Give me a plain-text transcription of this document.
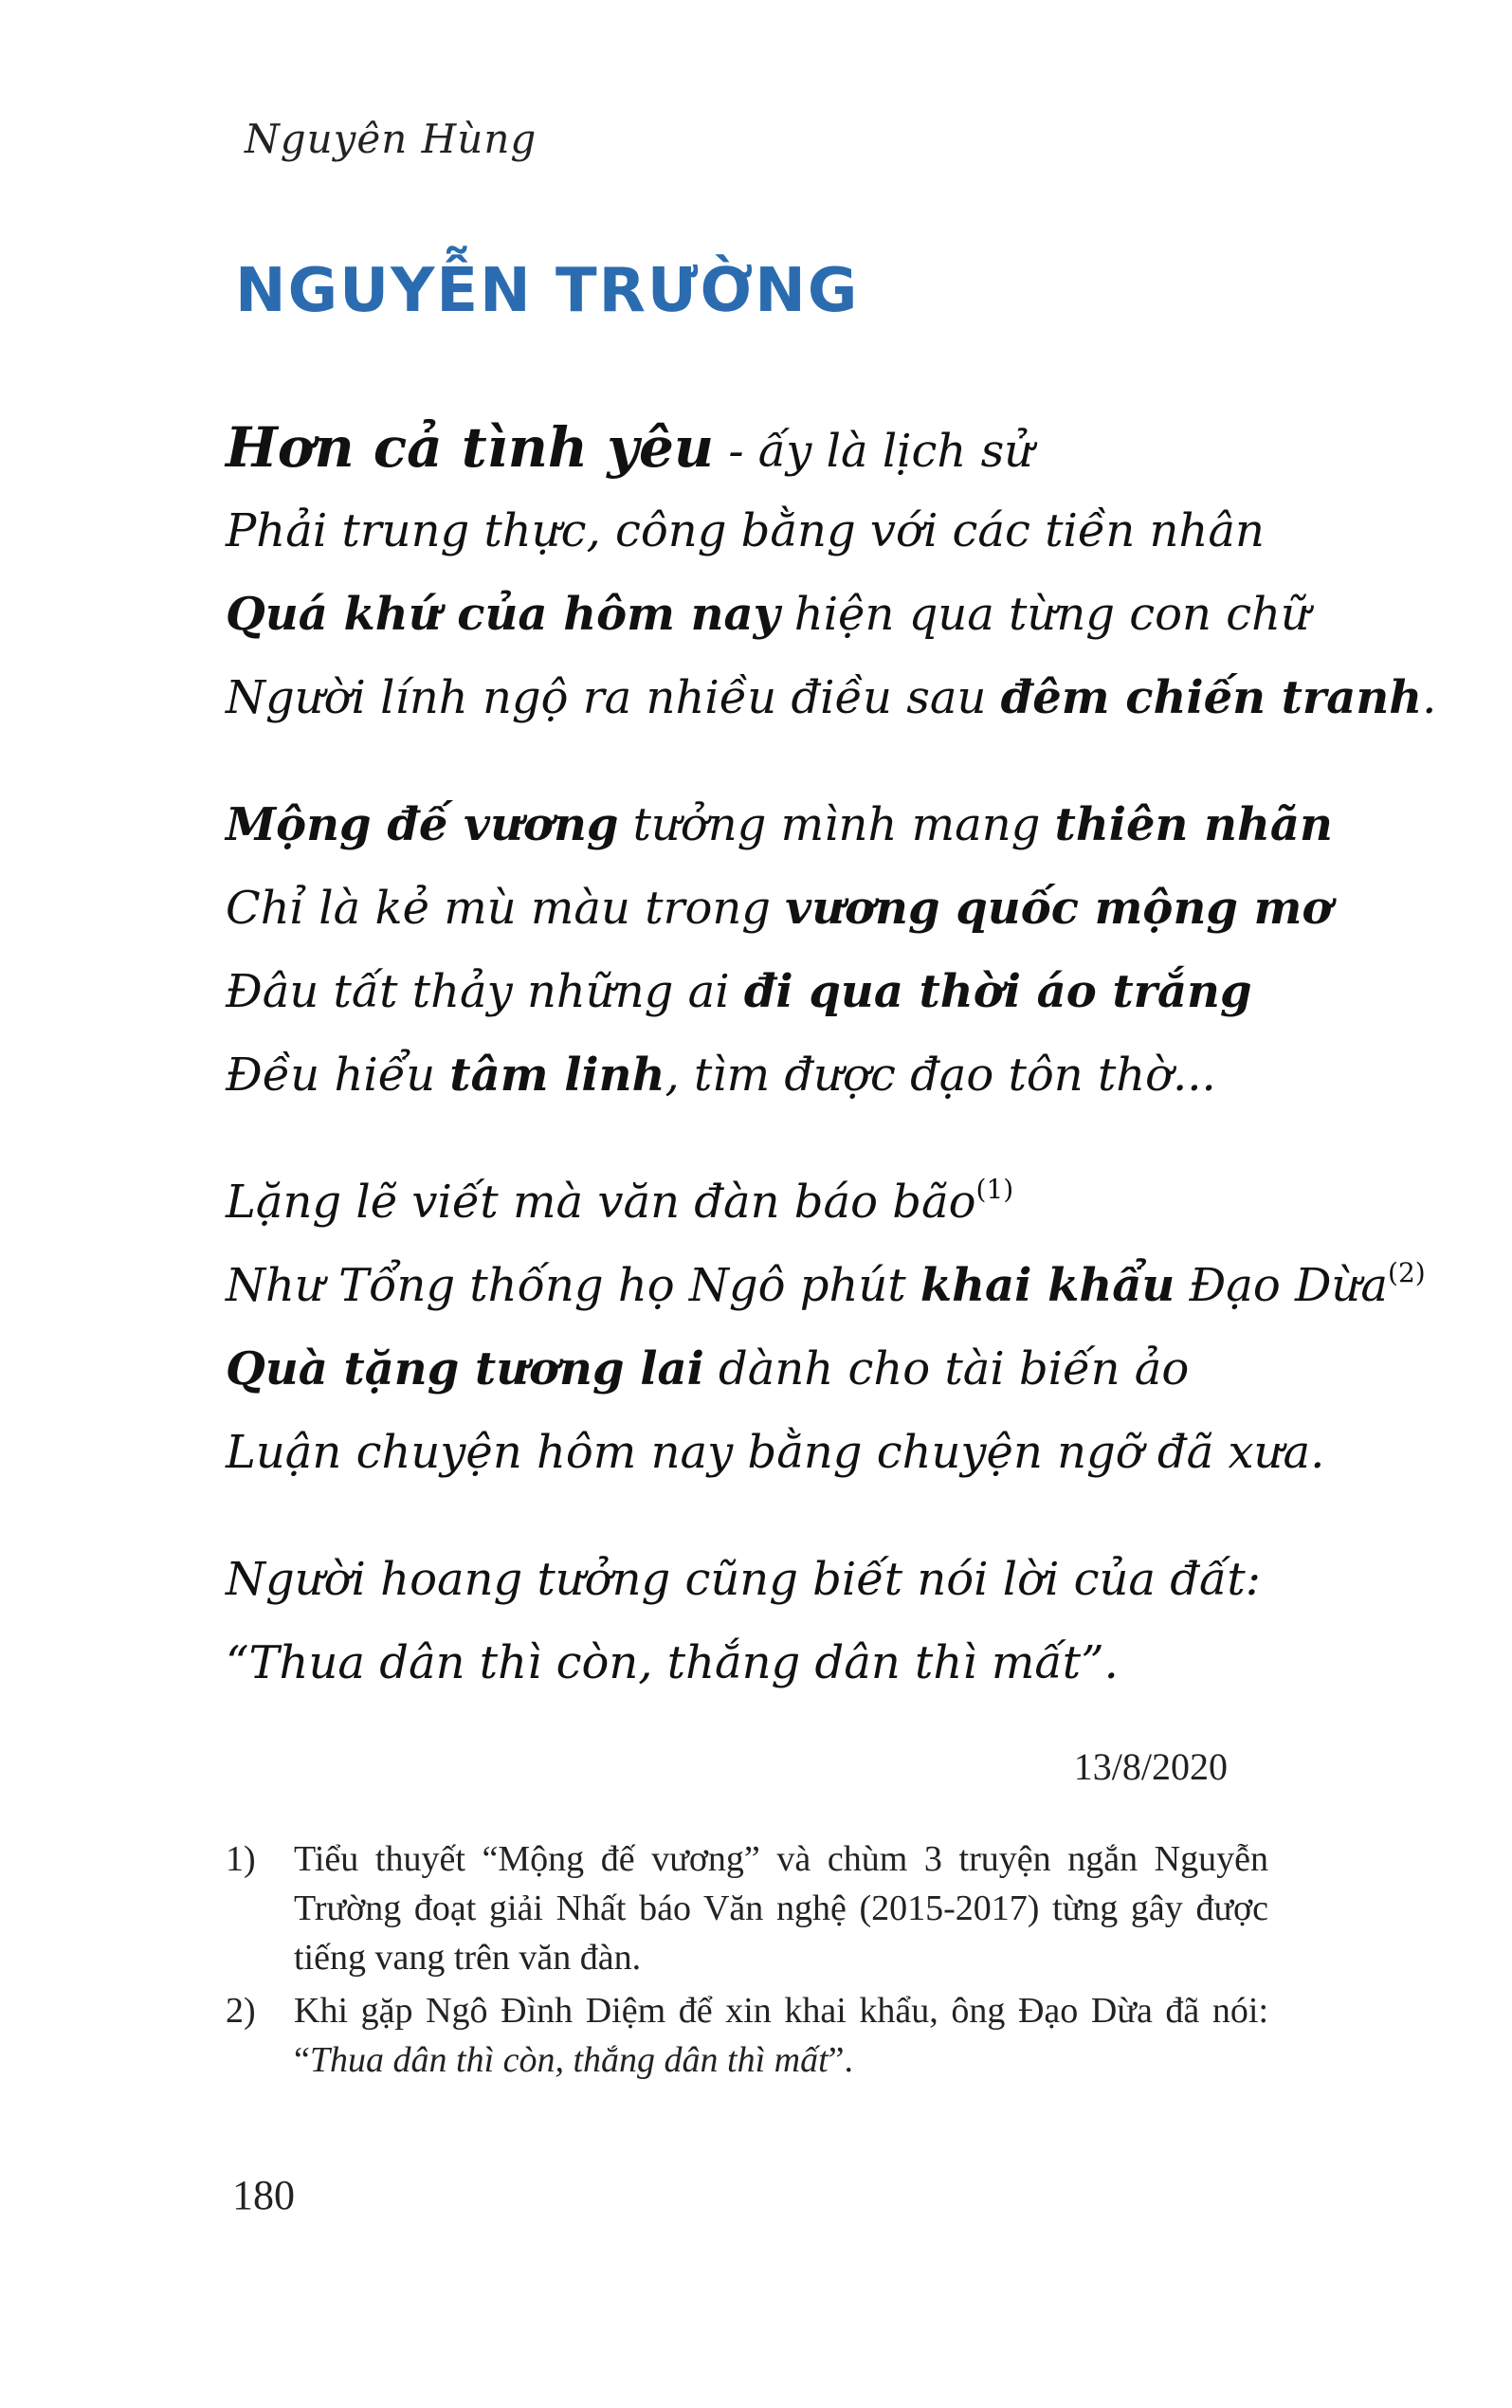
Nguyên Hùng
NGUYỄN TRƯỜNG
Hơn cả tình yêu - ấy là lịch sử
Phải trung thực, công bằng với các tiền nhân
Quá khứ của hôm nay hiện qua từng con chữ
Người lính ngộ ra nhiều điều sau đêm chiến tranh.
Mộng đế vương tưởng mình mang thiên nhãn
Chỉ là kẻ mù màu trong vương quốc mộng mơ
Đâu tất thảy những ai đi qua thời áo trắng
Đều hiểu tâm linh, tìm được đạo tôn thờ...
Lặng lẽ viết mà văn đàn báo bão$^{(1)}$
Như Tổng thống họ Ngô phút khai khẩu Đạo Dừa$^{(2)}$
Quà tặng tương lai dành cho tài biến ảo
Luận chuyện hôm nay bằng chuyện ngỡ đã xưa.
Người hoang tưởng cũng biết nói lời của đất:
“Thua dân thì còn, thắng dân thì mất”.
13/8/2020
1)	Tiểu thuyết “Mộng đế vương” và chùm 3 truyện ngắn Nguyễn Trường đoạt giải Nhất báo Văn nghệ (2015-2017) từng gây được tiếng vang trên văn đàn.
2)	Khi gặp Ngô Đình Diệm để xin khai khẩu, ông Đạo Dừa đã nói: “Thua dân thì còn, thắng dân thì mất”.
180
